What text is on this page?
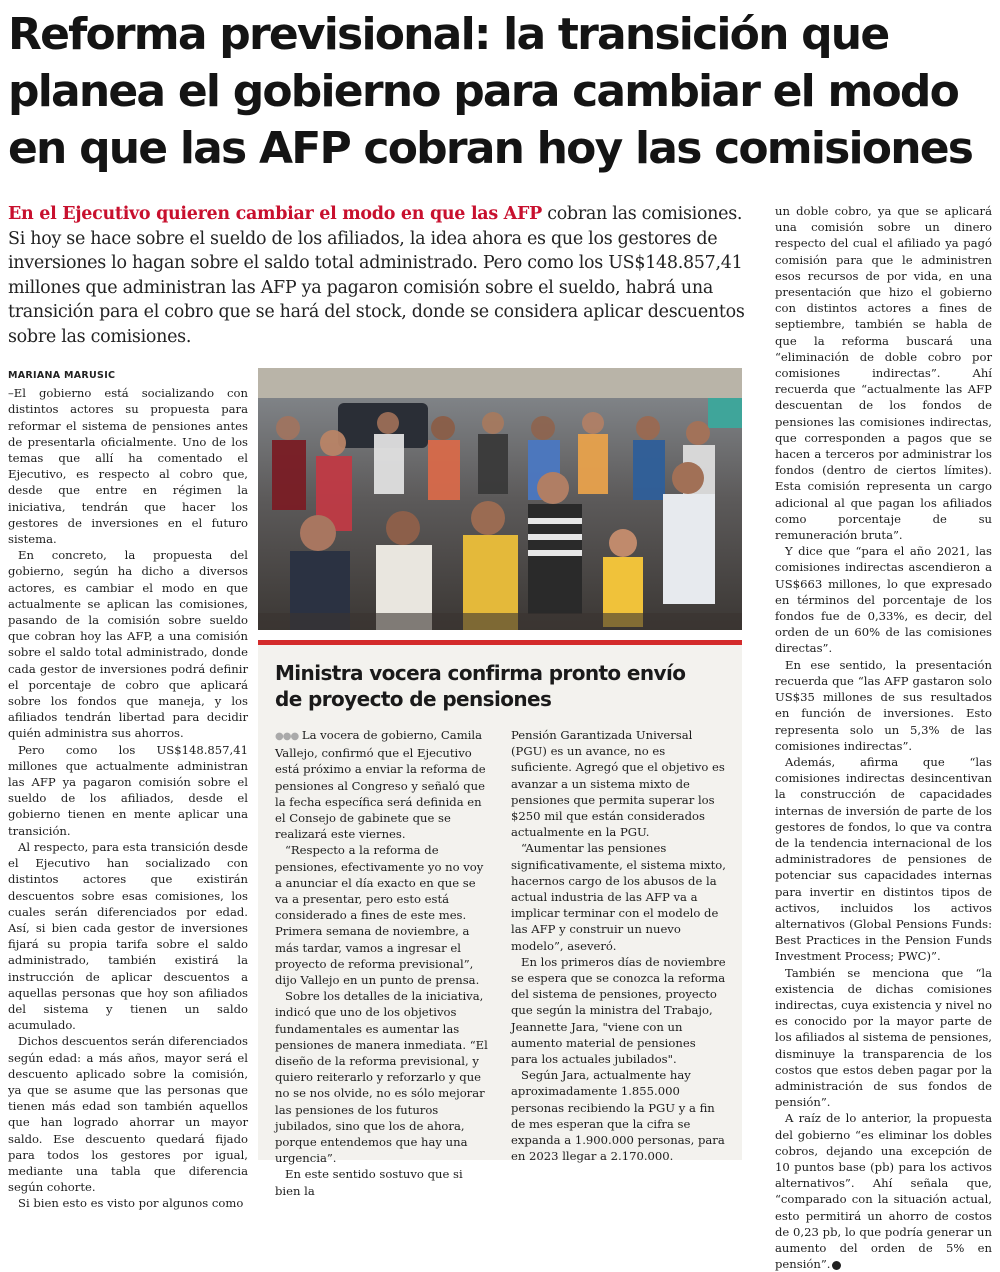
Reforma previsional: la transición que planea el gobierno para cambiar el modo en que las AFP cobran hoy las comisiones

En el Ejecutivo quieren cambiar el modo en que las AFP cobran las comisiones. Si hoy se hace sobre el sueldo de los afiliados, la idea ahora es que los gestores de inversiones lo hagan sobre el saldo total administrado. Pero como los US$148.857,41 millones que administran las AFP ya pagaron comisión sobre el sueldo, habrá una transición para el cobro que se hará del stock, donde se considera aplicar descuentos sobre las comisiones.

MARIANA MARUSIC

–El gobierno está socializando con distintos actores su propuesta para reformar el sistema de pensiones antes de presentarla oficialmente. Uno de los temas que allí ha comentado el Ejecutivo, es respecto al cobro que, desde que entre en régimen la iniciativa, tendrán que hacer los gestores de inversiones en el futuro sistema.

En concreto, la propuesta del gobierno, según ha dicho a diversos actores, es cambiar el modo en que actualmente se aplican las comisiones, pasando de la comisión sobre sueldo que cobran hoy las AFP, a una comisión sobre el saldo total administrado, donde cada gestor de inversiones podrá definir el porcentaje de cobro que aplicará sobre los fondos que maneja, y los afiliados tendrán libertad para decidir quién administra sus ahorros.

Pero como los US$148.857,41 millones que actualmente administran las AFP ya pagaron comisión sobre el sueldo de los afiliados, desde el gobierno tienen en mente aplicar una transición.

Al respecto, para esta transición desde el Ejecutivo han socializado con distintos actores que existirán descuentos sobre esas comisiones, los cuales serán diferenciados por edad. Así, si bien cada gestor de inversiones fijará su propia tarifa sobre el saldo administrado, también existirá la instrucción de aplicar descuentos a aquellas personas que hoy son afiliados del sistema y tienen un saldo acumulado.

Dichos descuentos serán diferenciados según edad: a más años, mayor será el descuento aplicado sobre la comisión, ya que se asume que las personas que tienen más edad son también aquellos que han logrado ahorrar un mayor saldo. Ese descuento quedará fijado para todos los gestores por igual, mediante una tabla que diferencia según cohorte.

Si bien esto es visto por algunos como

Ministra vocera confirma pronto envío de proyecto de pensiones

●●● La vocera de gobierno, Camila Vallejo, confirmó que el Ejecutivo está próximo a enviar la reforma de pensiones al Congreso y señaló que la fecha específica será definida en el Consejo de gabinete que se realizará este viernes.

“Respecto a la reforma de pensiones, efectivamente yo no voy a anunciar el día exacto en que se va a presentar, pero esto está considerado a fines de este mes. Primera semana de noviembre, a más tardar, vamos a ingresar el proyecto de reforma previsional”, dijo Vallejo en un punto de prensa.

Sobre los detalles de la iniciativa, indicó que uno de los objetivos fundamentales es aumentar las pensiones de manera inmediata. “El diseño de la reforma previsional, y quiero reiterarlo y reforzarlo y que no se nos olvide, no es sólo mejorar las pensiones de los futuros jubilados, sino que los de ahora, porque entendemos que hay una urgencia”.

En este sentido sostuvo que si bien la

Pensión Garantizada Universal (PGU) es un avance, no es suficiente. Agregó que el objetivo es avanzar a un sistema mixto de pensiones que permita superar los $250 mil que están considerados actualmente en la PGU.

“Aumentar las pensiones significativamente, el sistema mixto, hacernos cargo de los abusos de la actual industria de las AFP va a implicar terminar con el modelo de las AFP y construir un nuevo modelo”, aseveró.

En los primeros días de noviembre se espera que se conozca la reforma del sistema de pensiones, proyecto que según la ministra del Trabajo, Jeannette Jara, "viene con un aumento material de pensiones para los actuales jubilados".

Según Jara, actualmente hay aproximadamente 1.855.000 personas recibiendo la PGU y a fin de mes esperan que la cifra se expanda a 1.900.000 personas, para en 2023 llegar a 2.170.000.

un doble cobro, ya que se aplicará una comisión sobre un dinero respecto del cual el afiliado ya pagó comisión para que le administren esos recursos de por vida, en una presentación que hizo el gobierno con distintos actores a fines de septiembre, también se habla de que la reforma buscará una “eliminación de doble cobro por comisiones indirectas”. Ahí recuerda que “actualmente las AFP descuentan de los fondos de pensiones las comisiones indirectas, que corresponden a pagos que se hacen a terceros por administrar los fondos (dentro de ciertos límites). Esta comisión representa un cargo adicional al que pagan los afiliados como porcentaje de su remuneración bruta”.

Y dice que “para el año 2021, las comisiones indirectas ascendieron a US$663 millones, lo que expresado en términos del porcentaje de los fondos fue de 0,33%, es decir, del orden de un 60% de las comisiones directas”.

En ese sentido, la presentación recuerda que “las AFP gastaron solo US$35 millones de sus resultados en función de inversiones. Esto representa solo un 5,3% de las comisiones indirectas”.

Además, afirma que “las comisiones indirectas desincentivan la construcción de capacidades internas de inversión de parte de los gestores de fondos, lo que va contra de la tendencia internacional de los administradores de pensiones de potenciar sus capacidades internas para invertir en distintos tipos de activos, incluidos los activos alternativos (Global Pensions Funds: Best Practices in the Pension Funds Investment Process; PWC)”.

También se menciona que “la existencia de dichas comisiones indirectas, cuya existencia y nivel no es conocido por la mayor parte de los afiliados al sistema de pensiones, disminuye la transparencia de los costos que estos deben pagar por la administración de sus fondos de pensión”.

A raíz de lo anterior, la propuesta del gobierno “es eliminar los dobles cobros, dejando una excepción de 10 puntos base (pb) para los activos alternativos”. Ahí señala que, “comparado con la situación actual, esto permitirá un ahorro de costos de 0,23 pb, lo que podría generar un aumento del orden de 5% en pensión”.
